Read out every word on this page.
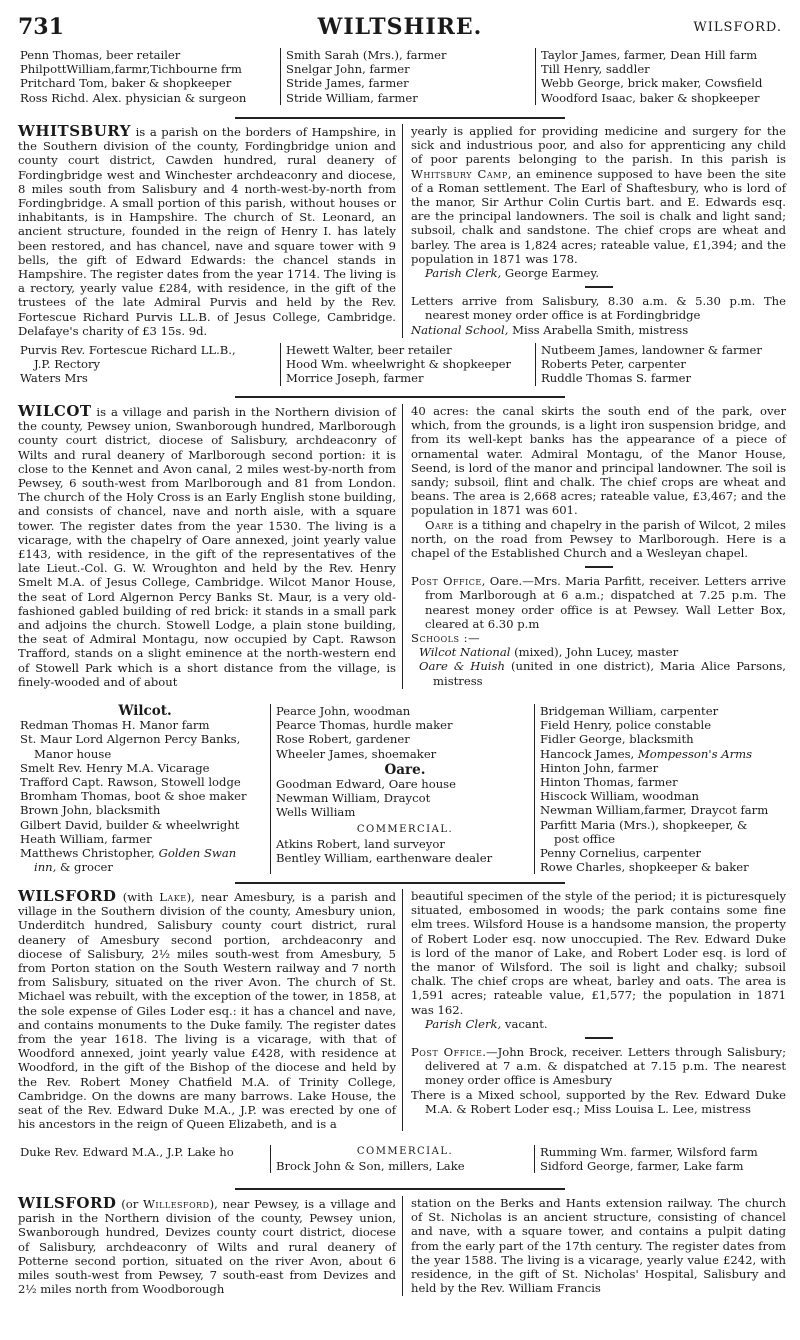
731	WILTSHIRE.	WILSFORD.
Penn Thomas, beer retailer
PhilpottWilliam,farmr,Tichbourne frm
Pritchard Tom, baker & shopkeeper
Ross Richd. Alex. physician & surgeon
Smith Sarah (Mrs.), farmer
Snelgar John, farmer
Stride James, farmer
Stride William, farmer
Taylor James, farmer, Dean Hill farm
Till Henry, saddler
Webb George, brick maker, Cowsfield
Woodford Isaac, baker & shopkeeper

WHITSBURY is a parish on the borders of Hampshire, in the Southern division of the county, Fordingbridge union and county court district, Cawden hundred, rural deanery of Fordingbridge west and Winchester archdeaconry and diocese, 8 miles south from Salisbury and 4 north-west-by-north from Fordingbridge. A small portion of this parish, without houses or inhabitants, is in Hampshire. The church of St. Leonard, an ancient structure, founded in the reign of Henry I. has lately been restored, and has chancel, nave and square tower with 9 bells, the gift of Edward Edwards: the chancel stands in Hampshire. The register dates from the year 1714. The living is a rectory, yearly value £284, with residence, in the gift of the trustees of the late Admiral Purvis and held by the Rev. Fortescue Richard Purvis LL.B. of Jesus College, Cambridge. Delafaye's charity of £3 15s. 9d.

yearly is applied for providing medicine and surgery for the sick and industrious poor, and also for apprenticing any child of poor parents belonging to the parish. In this parish is Whitsbury Camp, an eminence supposed to have been the site of a Roman settlement. The Earl of Shaftesbury, who is lord of the manor, Sir Arthur Colin Curtis bart. and E. Edwards esq. are the principal landowners. The soil is chalk and light sand; subsoil, chalk and sandstone. The chief crops are wheat and barley. The area is 1,824 acres; rateable value, £1,394; and the population in 1871 was 178.

Parish Clerk, George Earmey.

Letters arrive from Salisbury, 8.30 a.m. & 5.30 p.m. The nearest money order office is at Fordingbridge

National School, Miss Arabella Smith, mistress

Purvis Rev. Fortescue Richard LL.B.,
J.P. Rectory
Waters Mrs
Hewett Walter, beer retailer
Hood Wm. wheelwright & shopkeeper
Morrice Joseph, farmer
Nutbeem James, landowner & farmer
Roberts Peter, carpenter
Ruddle Thomas S. farmer

WILCOT is a village and parish in the Northern division of the county, Pewsey union, Swanborough hundred, Marlborough county court district, diocese of Salisbury, archdeaconry of Wilts and rural deanery of Marlborough second portion: it is close to the Kennet and Avon canal, 2 miles west-by-north from Pewsey, 6 south-west from Marlborough and 81 from London. The church of the Holy Cross is an Early English stone building, and consists of chancel, nave and north aisle, with a square tower. The register dates from the year 1530. The living is a vicarage, with the chapelry of Oare annexed, joint yearly value £143, with residence, in the gift of the representatives of the late Lieut.-Col. G. W. Wroughton and held by the Rev. Henry Smelt M.A. of Jesus College, Cambridge. Wilcot Manor House, the seat of Lord Algernon Percy Banks St. Maur, is a very old-fashioned gabled building of red brick: it stands in a small park and adjoins the church. Stowell Lodge, a plain stone building, the seat of Admiral Montagu, now occupied by Capt. Rawson Trafford, stands on a slight eminence at the north-western end of Stowell Park which is a short distance from the village, is finely-wooded and of about

40 acres: the canal skirts the south end of the park, over which, from the grounds, is a light iron suspension bridge, and from its well-kept banks has the appearance of a piece of ornamental water. Admiral Montagu, of the Manor House, Seend, is lord of the manor and principal landowner. The soil is sandy; subsoil, flint and chalk. The chief crops are wheat and beans. The area is 2,668 acres; rateable value, £3,467; and the population in 1871 was 601.

Oare is a tithing and chapelry in the parish of Wilcot, 2 miles north, on the road from Pewsey to Marlborough. Here is a chapel of the Established Church and a Wesleyan chapel.

Post Office, Oare.—Mrs. Maria Parfitt, receiver. Letters arrive from Marlborough at 6 a.m.; dispatched at 7.25 p.m. The nearest money order office is at Pewsey. Wall Letter Box, cleared at 6.30 p.m

Schools :—

Wilcot National (mixed), John Lucey, master

Oare & Huish (united in one district), Maria Alice Parsons, mistress

Wilcot.
Redman Thomas H. Manor farm
St. Maur Lord Algernon Percy Banks,
Manor house
Smelt Rev. Henry M.A. Vicarage
Trafford Capt. Rawson, Stowell lodge
Bromham Thomas, boot & shoe maker
Brown John, blacksmith
Gilbert David, builder & wheelwright
Heath William, farmer
Matthews Christopher, Golden Swan
inn, & grocer
Pearce John, woodman
Pearce Thomas, hurdle maker
Rose Robert, gardener
Wheeler James, shoemaker
Oare.
Goodman Edward, Oare house
Newman William, Draycot
Wells William
COMMERCIAL.
Atkins Robert, land surveyor
Bentley William, earthenware dealer
Bridgeman William, carpenter
Field Henry, police constable
Fidler George, blacksmith
Hancock James, Mompesson's Arms
Hinton John, farmer
Hinton Thomas, farmer
Hiscock William, woodman
Newman William,farmer, Draycot farm
Parfitt Maria (Mrs.), shopkeeper, &
post office
Penny Cornelius, carpenter
Rowe Charles, shopkeeper & baker

WILSFORD (with Lake), near Amesbury, is a parish and village in the Southern division of the county, Amesbury union, Underditch hundred, Salisbury county court district, rural deanery of Amesbury second portion, archdeaconry and diocese of Salisbury, 2½ miles south-west from Amesbury, 5 from Porton station on the South Western railway and 7 north from Salisbury, situated on the river Avon. The church of St. Michael was rebuilt, with the exception of the tower, in 1858, at the sole expense of Giles Loder esq.: it has a chancel and nave, and contains monuments to the Duke family. The register dates from the year 1618. The living is a vicarage, with that of Woodford annexed, joint yearly value £428, with residence at Woodford, in the gift of the Bishop of the diocese and held by the Rev. Robert Money Chatfield M.A. of Trinity College, Cambridge. On the downs are many barrows. Lake House, the seat of the Rev. Edward Duke M.A., J.P. was erected by one of his ancestors in the reign of Queen Elizabeth, and is a

beautiful specimen of the style of the period; it is picturesquely situated, embosomed in woods; the park contains some fine elm trees. Wilsford House is a handsome mansion, the property of Robert Loder esq. now unoccupied. The Rev. Edward Duke is lord of the manor of Lake, and Robert Loder esq. is lord of the manor of Wilsford. The soil is light and chalky; subsoil chalk. The chief crops are wheat, barley and oats. The area is 1,591 acres; rateable value, £1,577; the population in 1871 was 162.

Parish Clerk, vacant.

Post Office.—John Brock, receiver. Letters through Salisbury; delivered at 7 a.m. & dispatched at 7.15 p.m. The nearest money order office is Amesbury

There is a Mixed school, supported by the Rev. Edward Duke M.A. & Robert Loder esq.; Miss Louisa L. Lee, mistress

Duke Rev. Edward M.A., J.P. Lake ho	COMMERCIAL.
Brock John & Son, millers, Lake
Rumming Wm. farmer, Wilsford farm
Sidford George, farmer, Lake farm

WILSFORD (or Willesford), near Pewsey, is a village and parish in the Northern division of the county, Pewsey union, Swanborough hundred, Devizes county court district, diocese of Salisbury, archdeaconry of Wilts and rural deanery of Potterne second portion, situated on the river Avon, about 6 miles south-west from Pewsey, 7 south-east from Devizes and 2½ miles north from Woodborough

station on the Berks and Hants extension railway. The church of St. Nicholas is an ancient structure, consisting of chancel and nave, with a square tower, and contains a pulpit dating from the early part of the 17th century. The register dates from the year 1588. The living is a vicarage, yearly value £242, with residence, in the gift of St. Nicholas' Hospital, Salisbury and held by the Rev. William Francis
